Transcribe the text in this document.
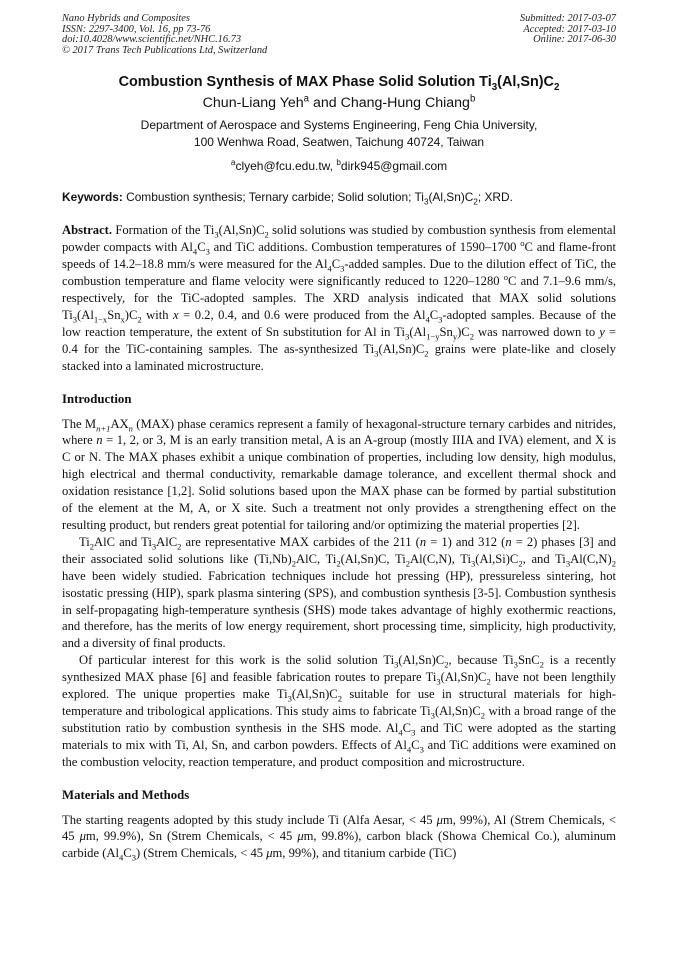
Nano Hybrids and Composites
ISSN: 2297-3400, Vol. 16, pp 73-76
doi:10.4028/www.scientific.net/NHC.16.73
© 2017 Trans Tech Publications Ltd, Switzerland
Submitted: 2017-03-07
Accepted: 2017-03-10
Online: 2017-06-30
Combustion Synthesis of MAX Phase Solid Solution $Ti_3(Al,Sn)C_2$
Chun-Liang Yeh$^a$ and Chang-Hung Chiang$^b$
Department of Aerospace and Systems Engineering, Feng Chia University,
100 Wenhwa Road, Seatwen, Taichung 40724, Taiwan
$^a$clyeh@fcu.edu.tw, $^b$dirk945@gmail.com
Keywords: Combustion synthesis; Ternary carbide; Solid solution; $Ti_3(Al,Sn)C_2$; XRD.

Abstract. Formation of the $Ti_3(Al,Sn)C_2$ solid solutions was studied by combustion synthesis from elemental powder compacts with $Al_4C_3$ and TiC additions. Combustion temperatures of 1590–1700 $^o$C and flame-front speeds of 14.2–18.8 mm/s were measured for the $Al_4C_3$-added samples. Due to the dilution effect of TiC, the combustion temperature and flame velocity were significantly reduced to 1220–1280 $^o$C and 7.1–9.6 mm/s, respectively, for the TiC-adopted samples. The XRD analysis indicated that MAX solid solutions $Ti_3(Al_{1-x}Sn_x)C_2$ with x = 0.2, 0.4, and 0.6 were produced from the $Al_4C_3$-adopted samples. Because of the low reaction temperature, the extent of Sn substitution for Al in $Ti_3(Al_{1-y}Sn_y)C_2$ was narrowed down to y = 0.4 for the TiC-containing samples. The as-synthesized $Ti_3(Al,Sn)C_2$ grains were plate-like and closely stacked into a laminated microstructure.

Introduction

The $M_{n+1}AX_n$ (MAX) phase ceramics represent a family of hexagonal-structure ternary carbides and nitrides, where n = 1, 2, or 3, M is an early transition metal, A is an A-group (mostly IIIA and IVA) element, and X is C or N. The MAX phases exhibit a unique combination of properties, including low density, high modulus, high electrical and thermal conductivity, remarkable damage tolerance, and excellent thermal shock and oxidation resistance [1,2]. Solid solutions based upon the MAX phase can be formed by partial substitution of the element at the M, A, or X site. Such a treatment not only provides a strengthening effect on the resulting product, but renders great potential for tailoring and/or optimizing the material properties [2].

$Ti_2AlC$ and $Ti_3AlC_2$ are representative MAX carbides of the 211 (n = 1) and 312 (n = 2) phases [3] and their associated solid solutions like $(Ti,Nb)_2AlC$, $Ti_2(Al,Sn)C$, $Ti_2Al(C,N)$, $Ti_3(Al,Si)C_2$, and $Ti_3Al(C,N)_2$ have been widely studied. Fabrication techniques include hot pressing (HP), pressureless sintering, hot isostatic pressing (HIP), spark plasma sintering (SPS), and combustion synthesis [3-5]. Combustion synthesis in self-propagating high-temperature synthesis (SHS) mode takes advantage of highly exothermic reactions, and therefore, has the merits of low energy requirement, short processing time, simplicity, high productivity, and a diversity of final products.

Of particular interest for this work is the solid solution $Ti_3(Al,Sn)C_2$, because $Ti_3SnC_2$ is a recently synthesized MAX phase [6] and feasible fabrication routes to prepare $Ti_3(Al,Sn)C_2$ have not been lengthily explored. The unique properties make $Ti_3(Al,Sn)C_2$ suitable for use in structural materials for high-temperature and tribological applications. This study aims to fabricate $Ti_3(Al,Sn)C_2$ with a broad range of the substitution ratio by combustion synthesis in the SHS mode. $Al_4C_3$ and TiC were adopted as the starting materials to mix with Ti, Al, Sn, and carbon powders. Effects of $Al_4C_3$ and TiC additions were examined on the combustion velocity, reaction temperature, and product composition and microstructure.

Materials and Methods

The starting reagents adopted by this study include Ti (Alfa Aesar, < 45 μm, 99%), Al (Strem Chemicals, < 45 μm, 99.9%), Sn (Strem Chemicals, < 45 μm, 99.8%), carbon black (Showa Chemical Co.), aluminum carbide $(Al_4C_3)$ (Strem Chemicals, < 45 μm, 99%), and titanium carbide (TiC)
